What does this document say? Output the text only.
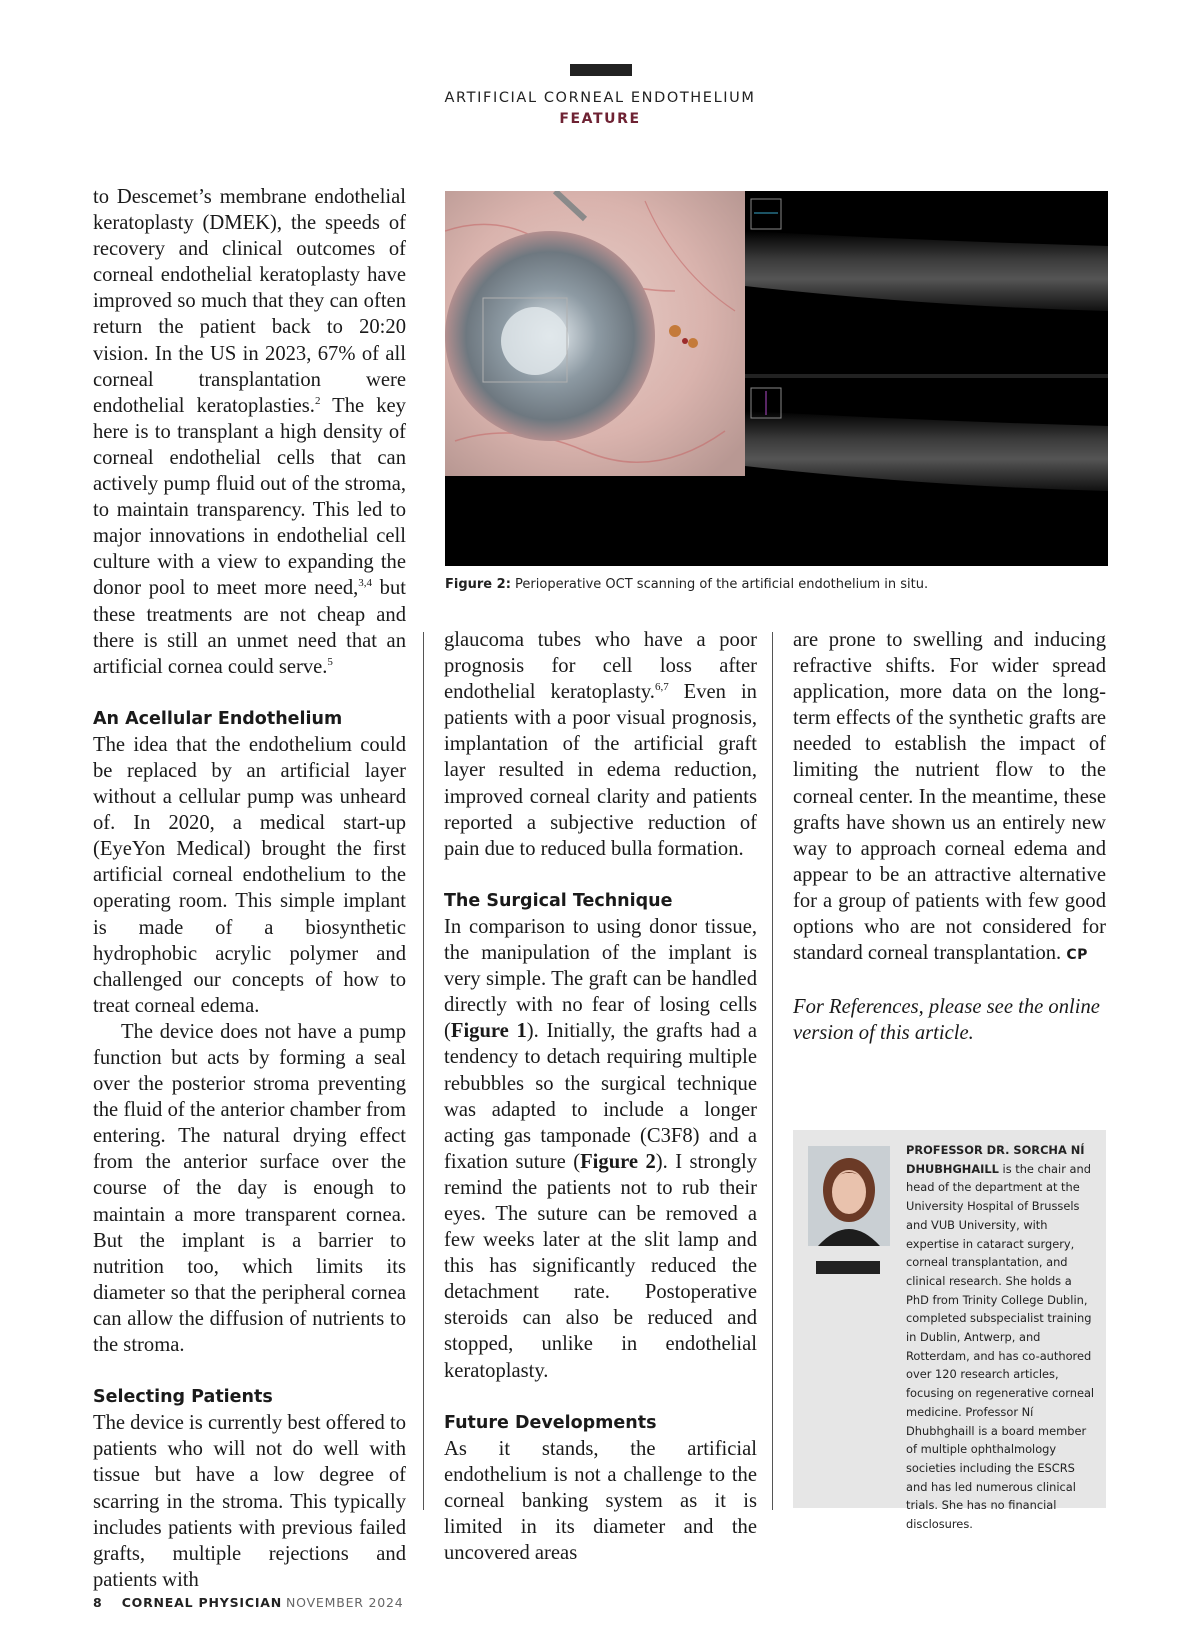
ARTIFICIAL CORNEAL ENDOTHELIUM
FEATURE

to Descemet’s membrane endothelial keratoplasty (DMEK), the speeds of recovery and clinical outcomes of corneal endothelial keratoplasty have improved so much that they can often return the patient back to 20:20 vision. In the US in 2023, 67% of all corneal transplantation were endothelial keratoplasties.$^2$ The key here is to transplant a high density of corneal endothelial cells that can actively pump fluid out of the stroma, to maintain transparency. This led to major innovations in endothelial cell culture with a view to expanding the donor pool to meet more need,$^{3,4}$ but these treatments are not cheap and there is still an unmet need that an artificial cornea could serve.$^5$

An Acellular Endothelium

The idea that the endothelium could be replaced by an artificial layer without a cellular pump was unheard of. In 2020, a medical start-up (EyeYon Medical) brought the first artificial corneal endothelium to the operating room. This simple implant is made of a biosynthetic hydrophobic acrylic polymer and challenged our concepts of how to treat corneal edema.

The device does not have a pump function but acts by forming a seal over the posterior stroma preventing the fluid of the anterior chamber from entering. The natural drying effect from the anterior surface over the course of the day is enough to maintain a more transparent cornea. But the implant is a barrier to nutrition too, which limits its diameter so that the peripheral cornea can allow the diffusion of nutrients to the stroma.

Selecting Patients

The device is currently best offered to patients who will not do well with tissue but have a low degree of scarring in the stroma. This typically includes patients with previous failed grafts, multiple rejections and patients with

Figure 2: Perioperative OCT scanning of the artificial endothelium in situ.

glaucoma tubes who have a poor prognosis for cell loss after endothelial keratoplasty.$^{6,7}$ Even in patients with a poor visual prognosis, implantation of the artificial graft layer resulted in edema reduction, improved corneal clarity and patients reported a subjective reduction of pain due to reduced bulla formation.

The Surgical Technique

In comparison to using donor tissue, the manipulation of the implant is very simple. The graft can be handled directly with no fear of losing cells (Figure 1). Initially, the grafts had a tendency to detach requiring multiple rebubbles so the surgical technique was adapted to include a longer acting gas tamponade (C3F8) and a fixation suture (Figure 2). I strongly remind the patients not to rub their eyes. The suture can be removed a few weeks later at the slit lamp and this has significantly reduced the detachment rate. Postoperative steroids can also be reduced and stopped, unlike in endothelial keratoplasty.

Future Developments

As it stands, the artificial endothelium is not a challenge to the corneal banking system as it is limited in its diameter and the uncovered areas

are prone to swelling and inducing refractive shifts. For wider spread application, more data on the long-term effects of the synthetic grafts are needed to establish the impact of limiting the nutrient flow to the corneal center. In the meantime, these grafts have shown us an entirely new way to approach corneal edema and appear to be an attractive alternative for a group of patients with few good options who are not considered for standard corneal transplantation. CP

For References, please see the online version of this article.

PROFESSOR DR. SORCHA NÍ DHUBHGHAILL is the chair and head of the department at the University Hospital of Brussels and VUB University, with expertise in cataract surgery, corneal transplantation, and clinical research. She holds a PhD from Trinity College Dublin, completed subspecialist training in Dublin, Antwerp, and Rotterdam, and has co-authored over 120 research articles, focusing on regenerative corneal medicine. Professor Ní Dhubhghaill is a board member of multiple ophthalmology societies including the ESCRS and has led numerous clinical trials. She has no financial disclosures.
8 CORNEAL PHYSICIAN NOVEMBER 2024
